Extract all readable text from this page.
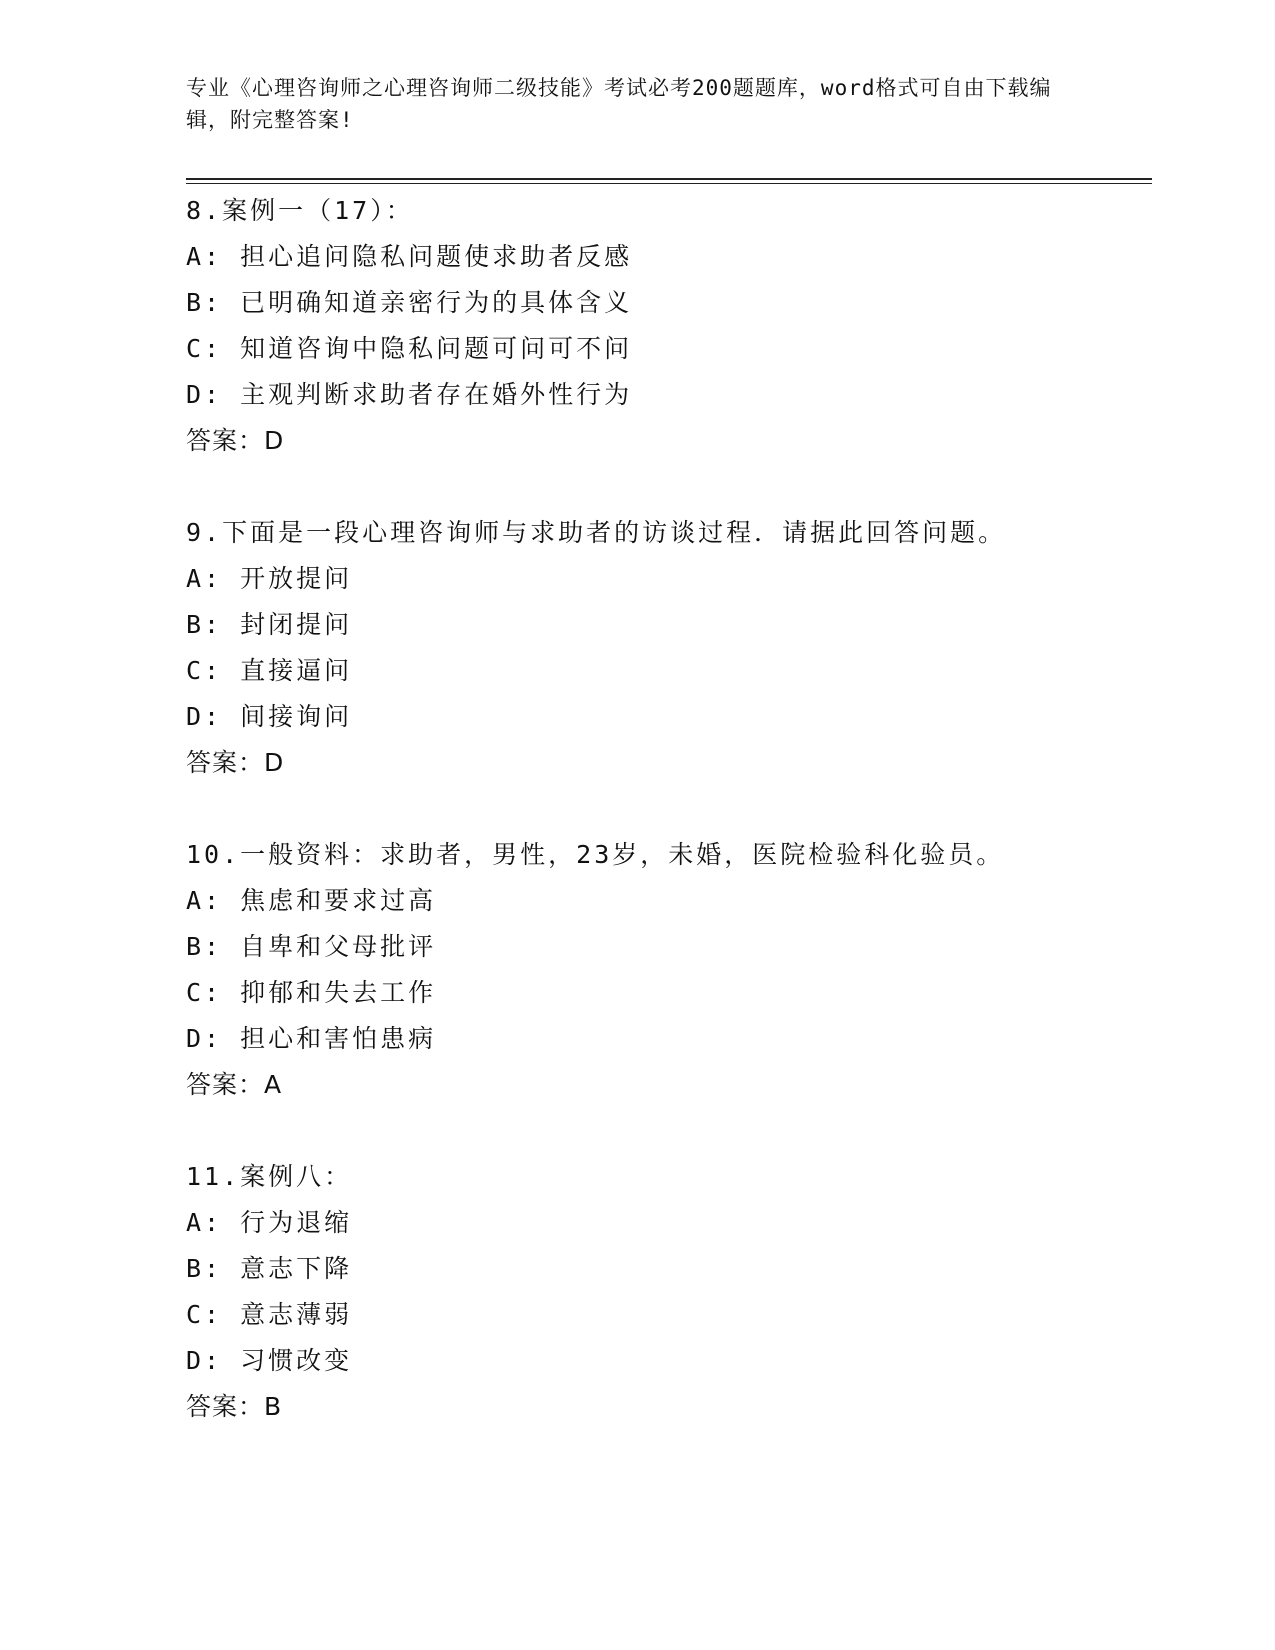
专业《心理咨询师之心理咨询师二级技能》考试必考200题题库，word格式可自由下载编辑，附完整答案!
8.案例一（17）：
A: 担心追问隐私问题使求助者反感
B: 已明确知道亲密行为的具体含义
C: 知道咨询中隐私问题可问可不问
D: 主观判断求助者存在婚外性行为
答案：D
9.下面是一段心理咨询师与求助者的访谈过程．请据此回答问题。
A: 开放提问
B: 封闭提问
C: 直接逼问
D: 间接询问
答案：D
10.一般资料：求助者，男性，23岁，未婚，医院检验科化验员。
A: 焦虑和要求过高
B: 自卑和父母批评
C: 抑郁和失去工作
D: 担心和害怕患病
答案：A
11.案例八：
A: 行为退缩
B: 意志下降
C: 意志薄弱
D: 习惯改变
答案：B
